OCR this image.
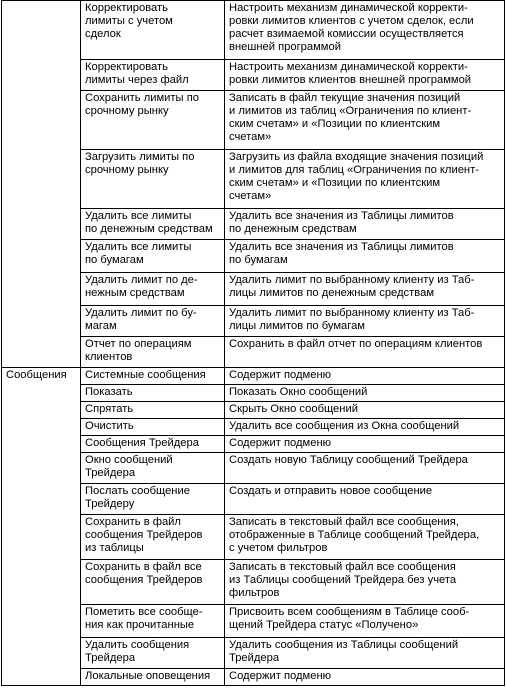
	Корректировать
лимиты с учетом
сделок	Настроить механизм динамической корректи-
ровки лимитов клиентов с учетом сделок, если
расчет взимаемой комиссии осуществляется
внешней программой
	Корректировать
лимиты через файл	Настроить механизм динамической корректи-
ровки лимитов клиентов внешней программой
	Сохранить лимиты по
срочному рынку	Записать в файл текущие значения позиций
и лимитов из таблиц «Ограничения по клиент-
ским счетам» и «Позиции по клиентским
счетам»
	Загрузить лимиты по
срочному рынку	Загрузить из файла входящие значения позиций
и лимитов для таблиц «Ограничения по клиент-
ским счетам» и «Позиции по клиентским
счетам»
	Удалить все лимиты
по денежным средствам	Удалить все значения из Таблицы лимитов
по денежным средствам
	Удалить все лимиты
по бумагам	Удалить все значения из Таблицы лимитов
по бумагам
	Удалить лимит по де-
нежным средствам	Удалить лимит по выбранному клиенту из Таб-
лицы лимитов по денежным средствам
	Удалить лимит по бу-
магам	Удалить лимит по выбранному клиенту из Таб-
лицы лимитов по бумагам
	Отчет по операциям
клиентов	Сохранить в файл отчет по операциям клиентов
Сообщения	Системные сообщения	Содержит подменю
	Показать	Показать Окно сообщений
	Спрятать	Скрыть Окно сообщений
	Очистить	Удалить все сообщения из Окна сообщений
	Сообщения Трейдера	Содержит подменю
	Окно сообщений
Трейдера	Создать новую Таблицу сообщений Трейдера
	Послать сообщение
Трейдеру	Создать и отправить новое сообщение
	Сохранить в файл
сообщения Трейдеров
из таблицы	Записать в текстовый файл все сообщения,
отображенные в Таблице сообщений Трейдера,
с учетом фильтров
	Сохранить в файл все
сообщения Трейдеров	Записать в текстовый файл все сообщения
из Таблицы сообщений Трейдера без учета
фильтров
	Пометить все сообще-
ния как прочитанные	Присвоить всем сообщениям в Таблице сооб-
щений Трейдера статус «Получено»
	Удалить сообщения
Трейдера	Удалить сообщения из Таблицы сообщений
Трейдера
	Локальные оповещения	Содержит подменю
